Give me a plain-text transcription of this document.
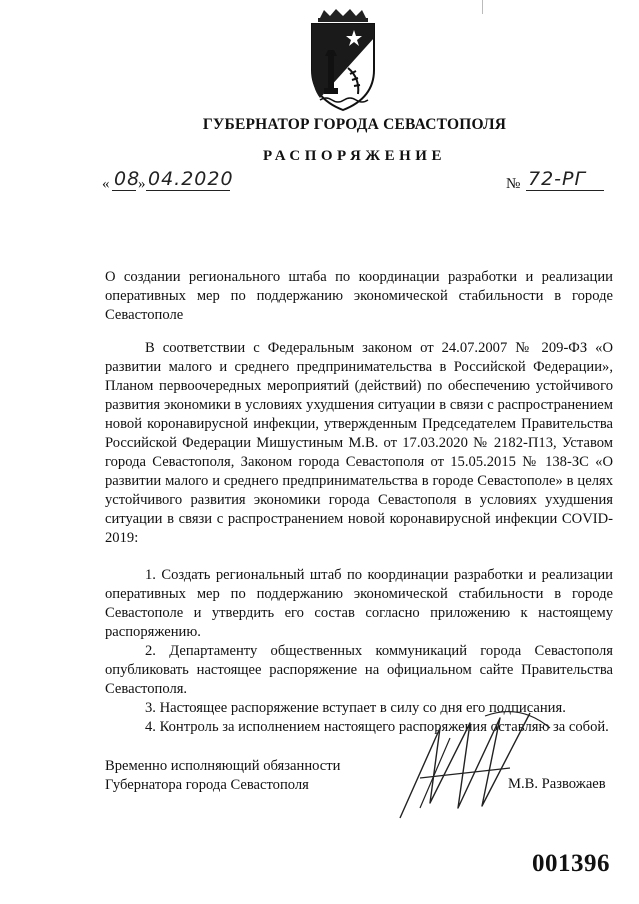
ГУБЕРНАТОР ГОРОДА СЕВАСТОПОЛЯ
РАСПОРЯЖЕНИЕ
« 08
» 04.2020	№ 72-РГ
О создании регионального штаба по координации разработки и реализации оперативных мер по поддержанию экономической стабильности в городе Севастополе

В соответствии с Федеральным законом от 24.07.2007 № 209-ФЗ «О развитии малого и среднего предпринимательства в Российской Федерации», Планом первоочередных мероприятий (действий) по обеспечению устойчивого развития экономики в условиях ухудшения ситуации в связи с распространением новой коронавирусной инфекции, утвержденным Председателем Правительства Российской Федерации Мишустиным М.В. от 17.03.2020 № 2182-П13, Уставом города Севастополя, Законом города Севастополя от 15.05.2015 № 138-ЗС «О развитии малого и среднего предпринимательства в городе Севастополе» в целях устойчивого развития экономики города Севастополя в условиях ухудшения ситуации в связи с распространением новой коронавирусной инфекции COVID-2019:

1. Создать региональный штаб по координации разработки и реализации оперативных мер по поддержанию экономической стабильности в городе Севастополе и утвердить его состав согласно приложению к настоящему распоряжению.

2. Департаменту общественных коммуникаций города Севастополя опубликовать настоящее распоряжение на официальном сайте Правительства Севастополя.

3. Настоящее распоряжение вступает в силу со дня его подписания.

4. Контроль за исполнением настоящего распоряжения оставляю за собой.

Временно исполняющий обязанности
Губернатора города Севастополя	М.В. Развожаев
001396
